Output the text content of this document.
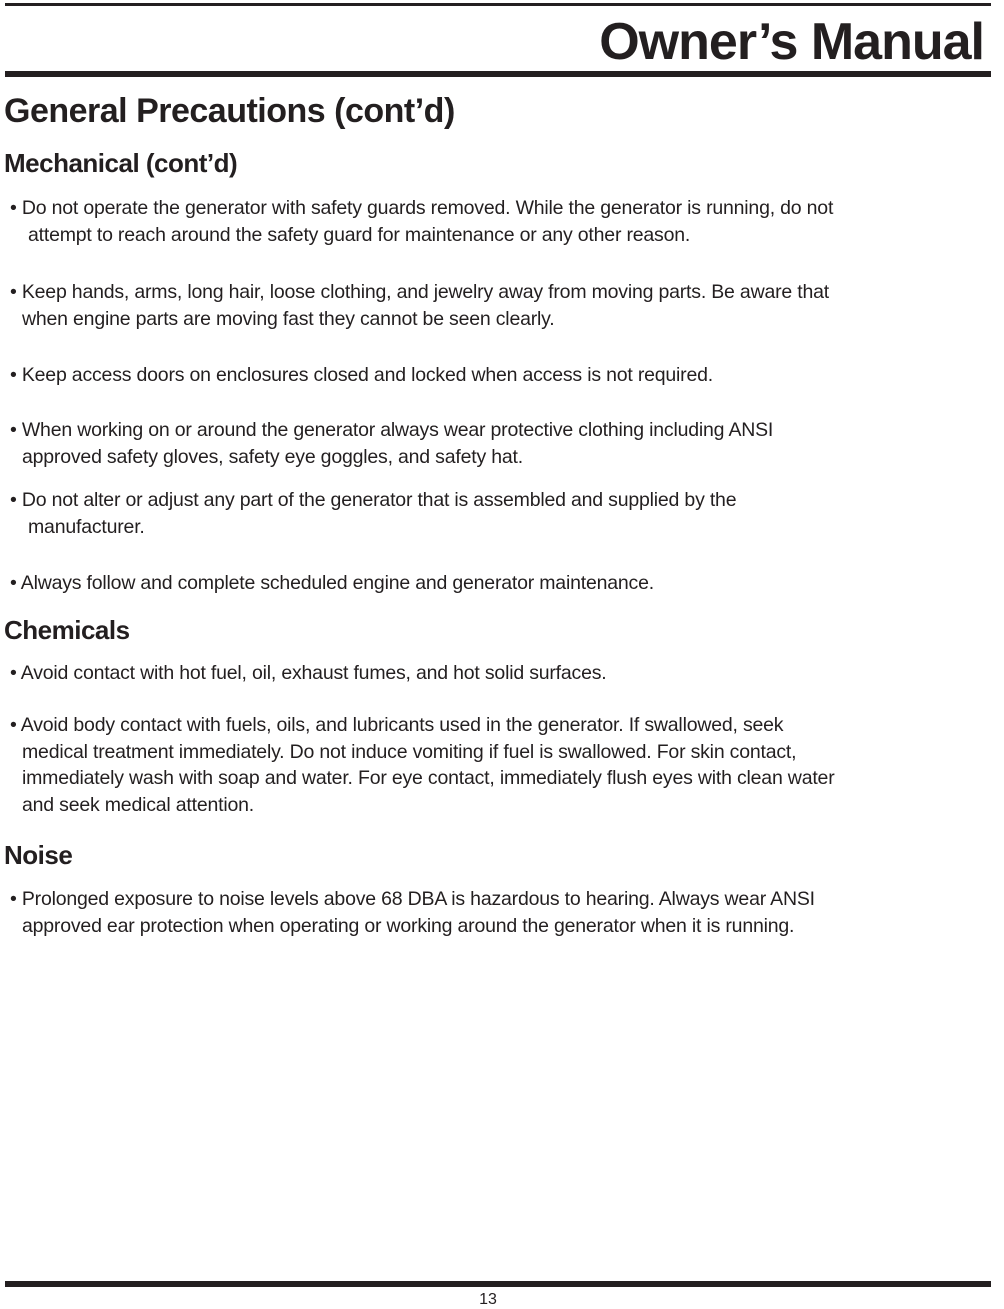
Owner’s Manual
General Precautions (cont’d)
Mechanical (cont’d)

• Do not operate the generator with safety guards removed. While the generator is running, do not
attempt to reach around the safety guard for maintenance or any other reason.

• Keep hands, arms, long hair, loose clothing, and jewelry away from moving parts. Be aware that
when engine parts are moving fast they cannot be seen clearly.

• Keep access doors on enclosures closed and locked when access is not required.

• When working on or around the generator always wear protective clothing including ANSI
approved safety gloves, safety eye goggles, and safety hat.

• Do not alter or adjust any part of the generator that is assembled and supplied by the
manufacturer.

• Always follow and complete scheduled engine and generator maintenance.

Chemicals

• Avoid contact with hot fuel, oil, exhaust fumes, and hot solid surfaces.

• Avoid body contact with fuels, oils, and lubricants used in the generator. If swallowed, seek
medical treatment immediately. Do not induce vomiting if fuel is swallowed. For skin contact,
immediately wash with soap and water. For eye contact, immediately flush eyes with clean water
and seek medical attention.

Noise

• Prolonged exposure to noise levels above 68 DBA is hazardous to hearing. Always wear ANSI
approved ear protection when operating or working around the generator when it is running.

13
